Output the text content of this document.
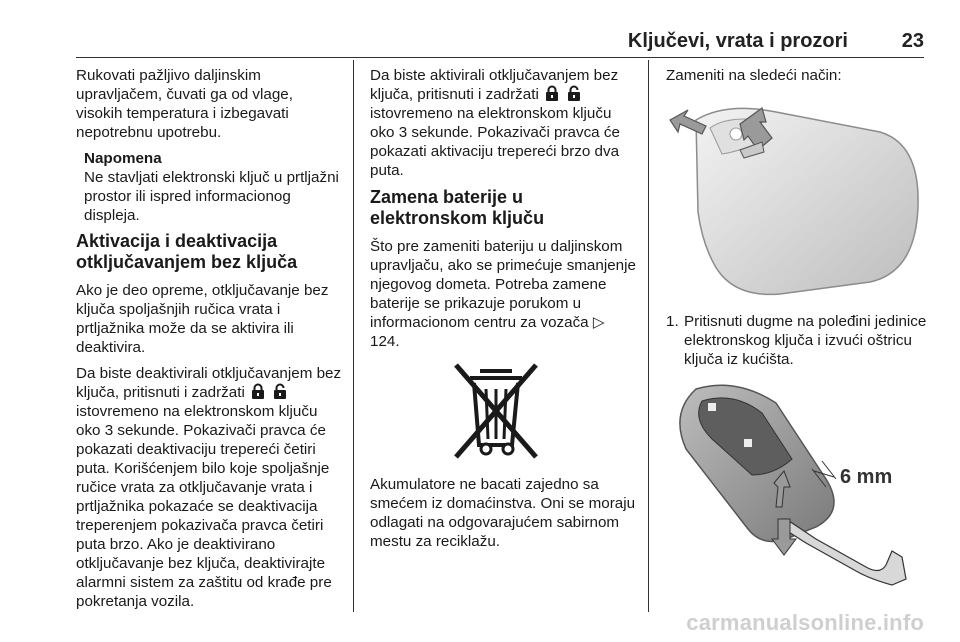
Ključevi, vrata i prozori	23

Rukovati pažljivo daljinskim upravljačem, čuvati ga od vlage, visokih temperatura i izbegavati nepotrebnu upotrebu.

Napomena
Ne stavljati elektronski ključ u prtljažni prostor ili ispred informacionog displeja.
Aktivacija i deaktivacija otključavanjem bez ključa

Ako je deo opreme, otključavanje bez ključa spoljašnjih ručica vrata i prtljažnika može da se aktivira ili deaktivira.

Da biste deaktivirali otključavanjem bez ključa, pritisnuti i zadržati   istovremeno na elektronskom ključu oko 3 sekunde. Pokazivači pravca će pokazati deaktivaciju trepereći četiri puta. Korišćenjem bilo koje spoljašnje ručice vrata za otključavanje vrata i prtljažnika pokazaće se deaktivacija treperenjem pokazivača pravca četiri puta brzo. Ako je deaktivirano otključavanje bez ključa, deaktivirajte alarmni sistem za zaštitu od krađe pre pokretanja vozila.

Da biste aktivirali otključavanjem bez ključa, pritisnuti i zadržati   istovremeno na elektronskom ključu oko 3 sekunde. Pokazivači pravca će pokazati aktivaciju trepereći brzo dva puta.

Zamena baterije u elektronskom ključu

Što pre zameniti bateriju u daljinskom upravljaču, ako se primećuje smanjenje njegovog dometa. Potreba zamene baterije se prikazuje porukom u informacionom centru za vozača ▷ 124.

Akumulatore ne bacati zajedno sa smećem iz domaćinstva. Oni se moraju odlagati na odgovarajućem sabirnom mestu za reciklažu.

Zameniti na sledeći način:

1. Pritisnuti dugme na poleđini jedinice elektronskog ključa i izvući oštricu ključa iz kućišta.
6 mm
carmanualsonline.info
